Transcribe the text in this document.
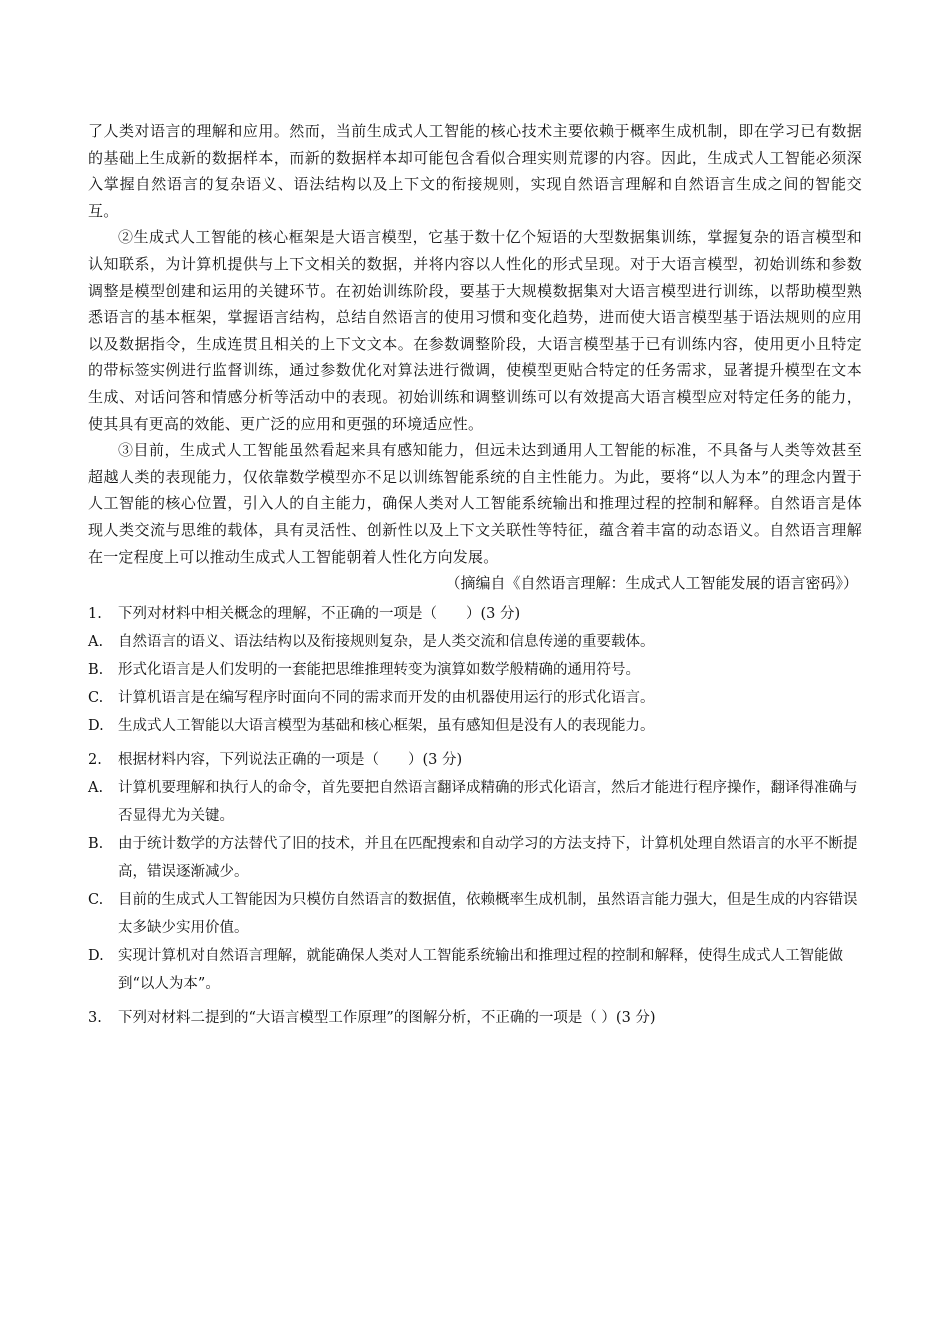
了人类对语言的理解和应用。然而，当前生成式人工智能的核心技术主要依赖于概率生成机制，即在学习已有数据的基础上生成新的数据样本，而新的数据样本却可能包含看似合理实则荒谬的内容。因此，生成式人工智能必须深入掌握自然语言的复杂语义、语法结构以及上下文的衔接规则，实现自然语言理解和自然语言生成之间的智能交互。

②生成式人工智能的核心框架是大语言模型，它基于数十亿个短语的大型数据集训练，掌握复杂的语言模型和认知联系，为计算机提供与上下文相关的数据，并将内容以人性化的形式呈现。对于大语言模型，初始训练和参数调整是模型创建和运用的关键环节。在初始训练阶段，要基于大规模数据集对大语言模型进行训练，以帮助模型熟悉语言的基本框架，掌握语言结构，总结自然语言的使用习惯和变化趋势，进而使大语言模型基于语法规则的应用以及数据指令，生成连贯且相关的上下文文本。在参数调整阶段，大语言模型基于已有训练内容，使用更小且特定的带标签实例进行监督训练，通过参数优化对算法进行微调，使模型更贴合特定的任务需求，显著提升模型在文本生成、对话问答和情感分析等活动中的表现。初始训练和调整训练可以有效提高大语言模型应对特定任务的能力，使其具有更高的效能、更广泛的应用和更强的环境适应性。

③目前，生成式人工智能虽然看起来具有感知能力，但远未达到通用人工智能的标准，不具备与人类等效甚至超越人类的表现能力，仅依靠数学模型亦不足以训练智能系统的自主性能力。为此，要将“以人为本”的理念内置于人工智能的核心位置，引入人的自主能力，确保人类对人工智能系统输出和推理过程的控制和解释。自然语言是体现人类交流与思维的载体，具有灵活性、创新性以及上下文关联性等特征，蕴含着丰富的动态语义。自然语言理解在一定程度上可以推动生成式人工智能朝着人性化方向发展。

（摘编自《自然语言理解：生成式人工智能发展的语言密码》）

1. 下列对材料中相关概念的理解，不正确的一项是（　　）(3 分)

A. 自然语言的语义、语法结构以及衔接规则复杂，是人类交流和信息传递的重要载体。

B. 形式化语言是人们发明的一套能把思维推理转变为演算如数学般精确的通用符号。

C. 计算机语言是在编写程序时面向不同的需求而开发的由机器使用运行的形式化语言。

D. 生成式人工智能以大语言模型为基础和核心框架，虽有感知但是没有人的表现能力。

2. 根据材料内容，下列说法正确的一项是（　　）(3 分)

A. 计算机要理解和执行人的命令，首先要把自然语言翻译成精确的形式化语言，然后才能进行程序操作，翻译得准确与否显得尤为关键。

B. 由于统计数学的方法替代了旧的技术，并且在匹配搜索和自动学习的方法支持下，计算机处理自然语言的水平不断提高，错误逐渐减少。

C. 目前的生成式人工智能因为只模仿自然语言的数据值，依赖概率生成机制，虽然语言能力强大，但是生成的内容错误太多缺少实用价值。

D. 实现计算机对自然语言理解，就能确保人类对人工智能系统输出和推理过程的控制和解释，使得生成式人工智能做到“以人为本”。

3. 下列对材料二提到的“大语言模型工作原理”的图解分析，不正确的一项是（ ）(3 分)
